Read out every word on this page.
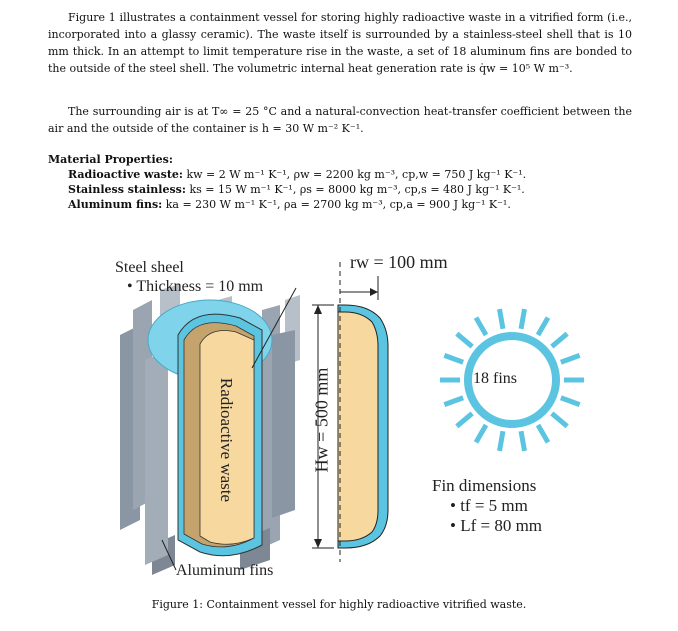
Figure 1 illustrates a containment vessel for storing highly radioactive waste in a vitrified form (i.e., incorporated into a glassy ceramic). The waste itself is surrounded by a stainless-steel shell that is 10 mm thick. In an attempt to limit temperature rise in the waste, a set of 18 aluminum fins are bonded to the outside of the steel shell. The volumetric internal heat generation rate is q̇w = 10⁵ W m⁻³.
The surrounding air is at T∞ = 25 °C and a natural-convection heat-transfer coefficient between the air and the outside of the container is h = 30 W m⁻² K⁻¹.
Material Properties:
Radioactive waste: kw = 2 W m⁻¹ K⁻¹, ρw = 2200 kg m⁻³, cp,w = 750 J kg⁻¹ K⁻¹.
Stainless stainless: ks = 15 W m⁻¹ K⁻¹, ρs = 8000 kg m⁻³, cp,s = 480 J kg⁻¹ K⁻¹.
Aluminum fins: ka = 230 W m⁻¹ K⁻¹, ρa = 2700 kg m⁻³, cp,a = 900 J kg⁻¹ K⁻¹.
Steel sheel
• Thickness = 10 mm
rw = 100 mm
Hw = 500 mm
Radioactive waste	18 fins
Fin dimensions
• tf = 5 mm
• Lf = 80 mm
Aluminum fins
Figure 1: Containment vessel for highly radioactive vitrified waste.
